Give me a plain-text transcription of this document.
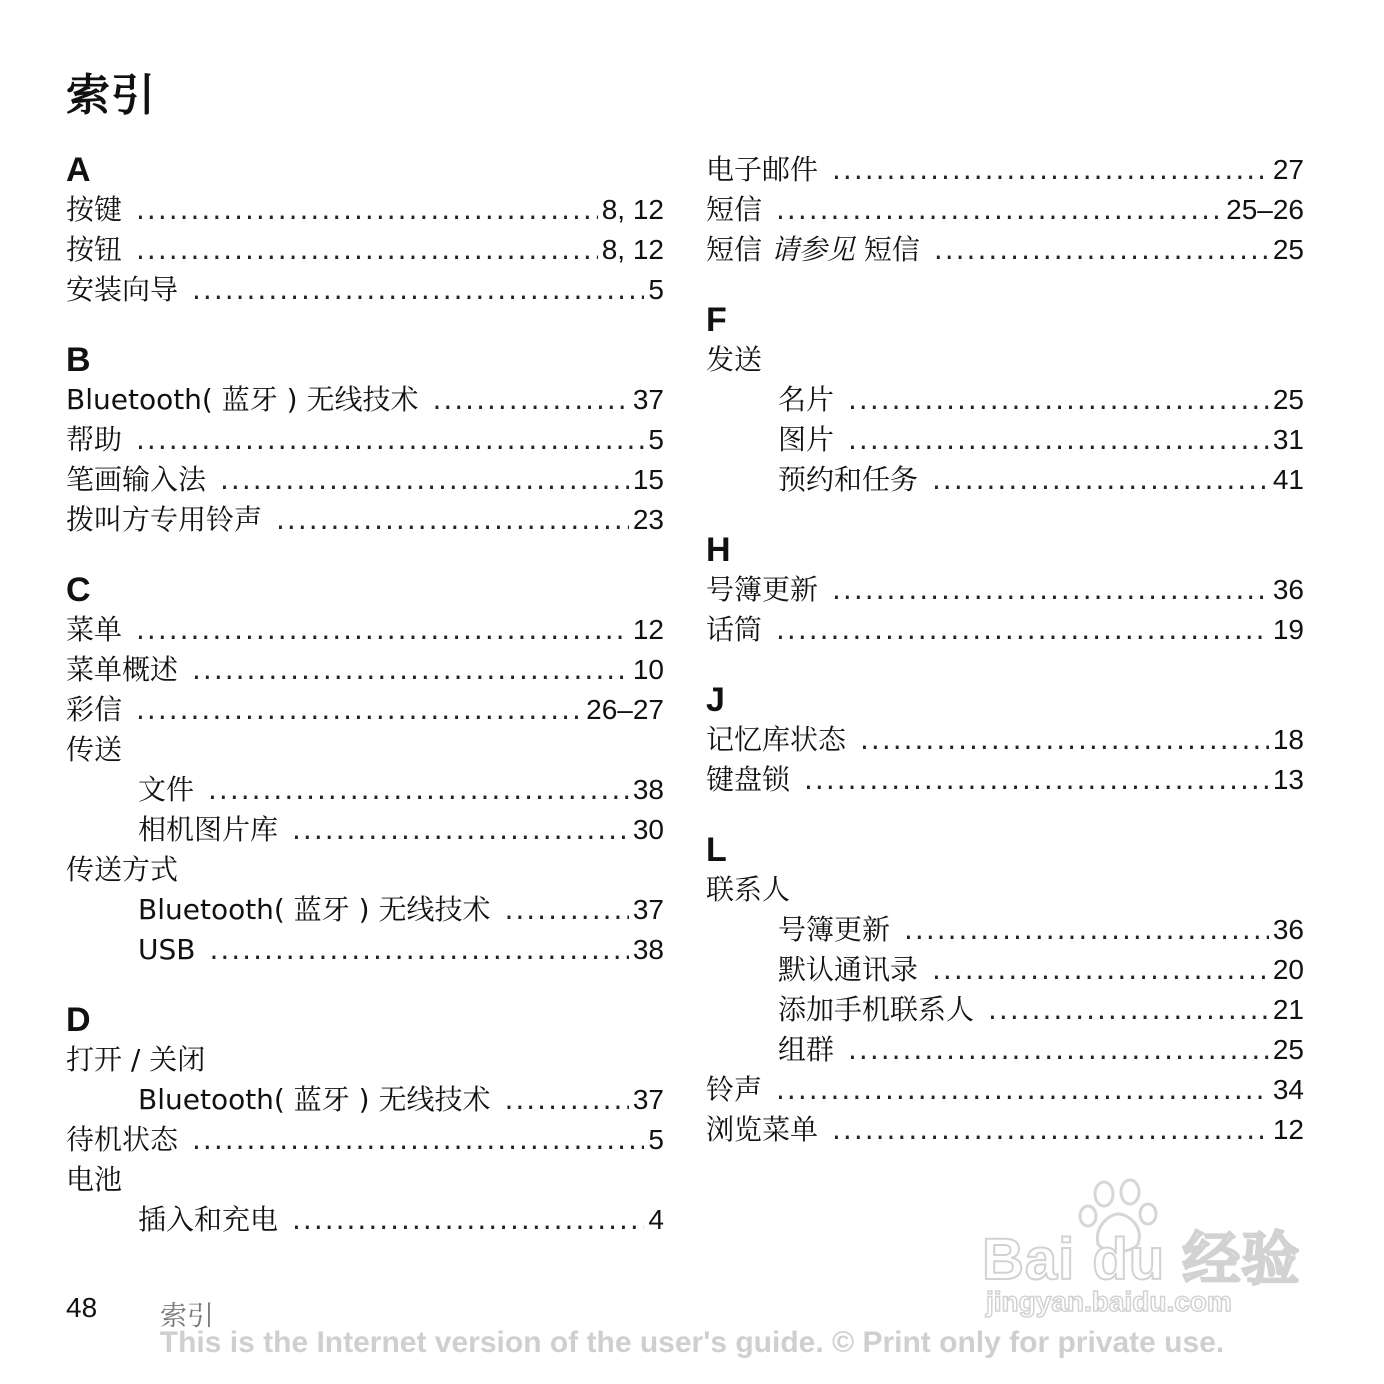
索引
A
按键 .....	8, 12
按钮 .....	8, 12
安装向导 .....	5
B
Bluetooth( 蓝牙 ) 无线技术 .....	37
帮助 .....	5
笔画输入法 .....	15
拨叫方专用铃声 .....	23
C
菜单 .....	12
菜单概述 .....	10
彩信 .....	26–27
传送
文件 .....	38
相机图片库 .....	30
传送方式
Bluetooth( 蓝牙 ) 无线技术 .....	37
USB .....	38
D
打开 / 关闭
Bluetooth( 蓝牙 ) 无线技术 .....	37
待机状态 .....	5
电池
插入和充电 .....	4
电子邮件 .....	27
短信 .....	25–26
短信 请参见 短信 .....	25
F
发送
名片 .....	25
图片 .....	31
预约和任务 .....	41
H
号簿更新 .....	36
话筒 .....	19
J
记忆库状态 .....	18
键盘锁 .....	13
L
联系人
号簿更新 .....	36
默认通讯录 .....	20
添加手机联系人 .....	21
组群 .....	25
铃声 .....	34
浏览菜单 .....	12
48 索引
Bai du 经验
jingyan.baidu.com
This is the Internet version of the user's guide. © Print only for private use.
